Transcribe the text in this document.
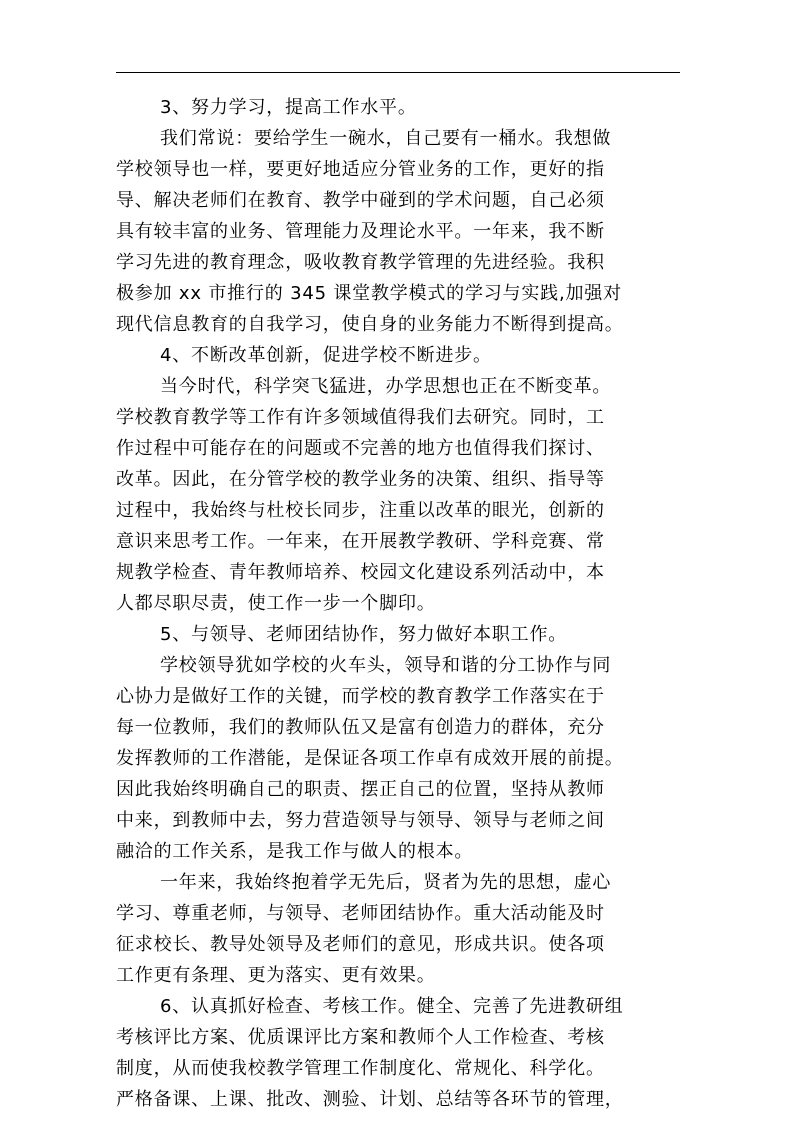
3、努力学习，提高工作水平。
我们常说：要给学生一碗水，自己要有一桶水。我想做
学校领导也一样，要更好地适应分管业务的工作，更好的指
导、解决老师们在教育、教学中碰到的学术问题，自己必须
具有较丰富的业务、管理能力及理论水平。一年来，我不断
学习先进的教育理念，吸收教育教学管理的先进经验。我积
极参加 xx 市推行的 345 课堂教学模式的学习与实践,加强对
现代信息教育的自我学习，使自身的业务能力不断得到提高。
4、不断改革创新，促进学校不断进步。
当今时代，科学突飞猛进，办学思想也正在不断变革。
学校教育教学等工作有许多领域值得我们去研究。同时，工
作过程中可能存在的问题或不完善的地方也值得我们探讨、
改革。因此，在分管学校的教学业务的决策、组织、指导等
过程中，我始终与杜校长同步，注重以改革的眼光，创新的
意识来思考工作。一年来，在开展教学教研、学科竞赛、常
规教学检查、青年教师培养、校园文化建设系列活动中，本
人都尽职尽责，使工作一步一个脚印。
5、与领导、老师团结协作，努力做好本职工作。
学校领导犹如学校的火车头，领导和谐的分工协作与同
心协力是做好工作的关键，而学校的教育教学工作落实在于
每一位教师，我们的教师队伍又是富有创造力的群体，充分
发挥教师的工作潜能，是保证各项工作卓有成效开展的前提。
因此我始终明确自己的职责、摆正自己的位置，坚持从教师
中来，到教师中去，努力营造领导与领导、领导与老师之间
融洽的工作关系，是我工作与做人的根本。
一年来，我始终抱着学无先后，贤者为先的思想，虚心
学习、尊重老师，与领导、老师团结协作。重大活动能及时
征求校长、教导处领导及老师们的意见，形成共识。使各项
工作更有条理、更为落实、更有效果。
6、认真抓好检查、考核工作。健全、完善了先进教研组
考核评比方案、优质课评比方案和教师个人工作检查、考核
制度，从而使我校教学管理工作制度化、常规化、科学化。
严格备课、上课、批改、测验、计划、总结等各环节的管理，
